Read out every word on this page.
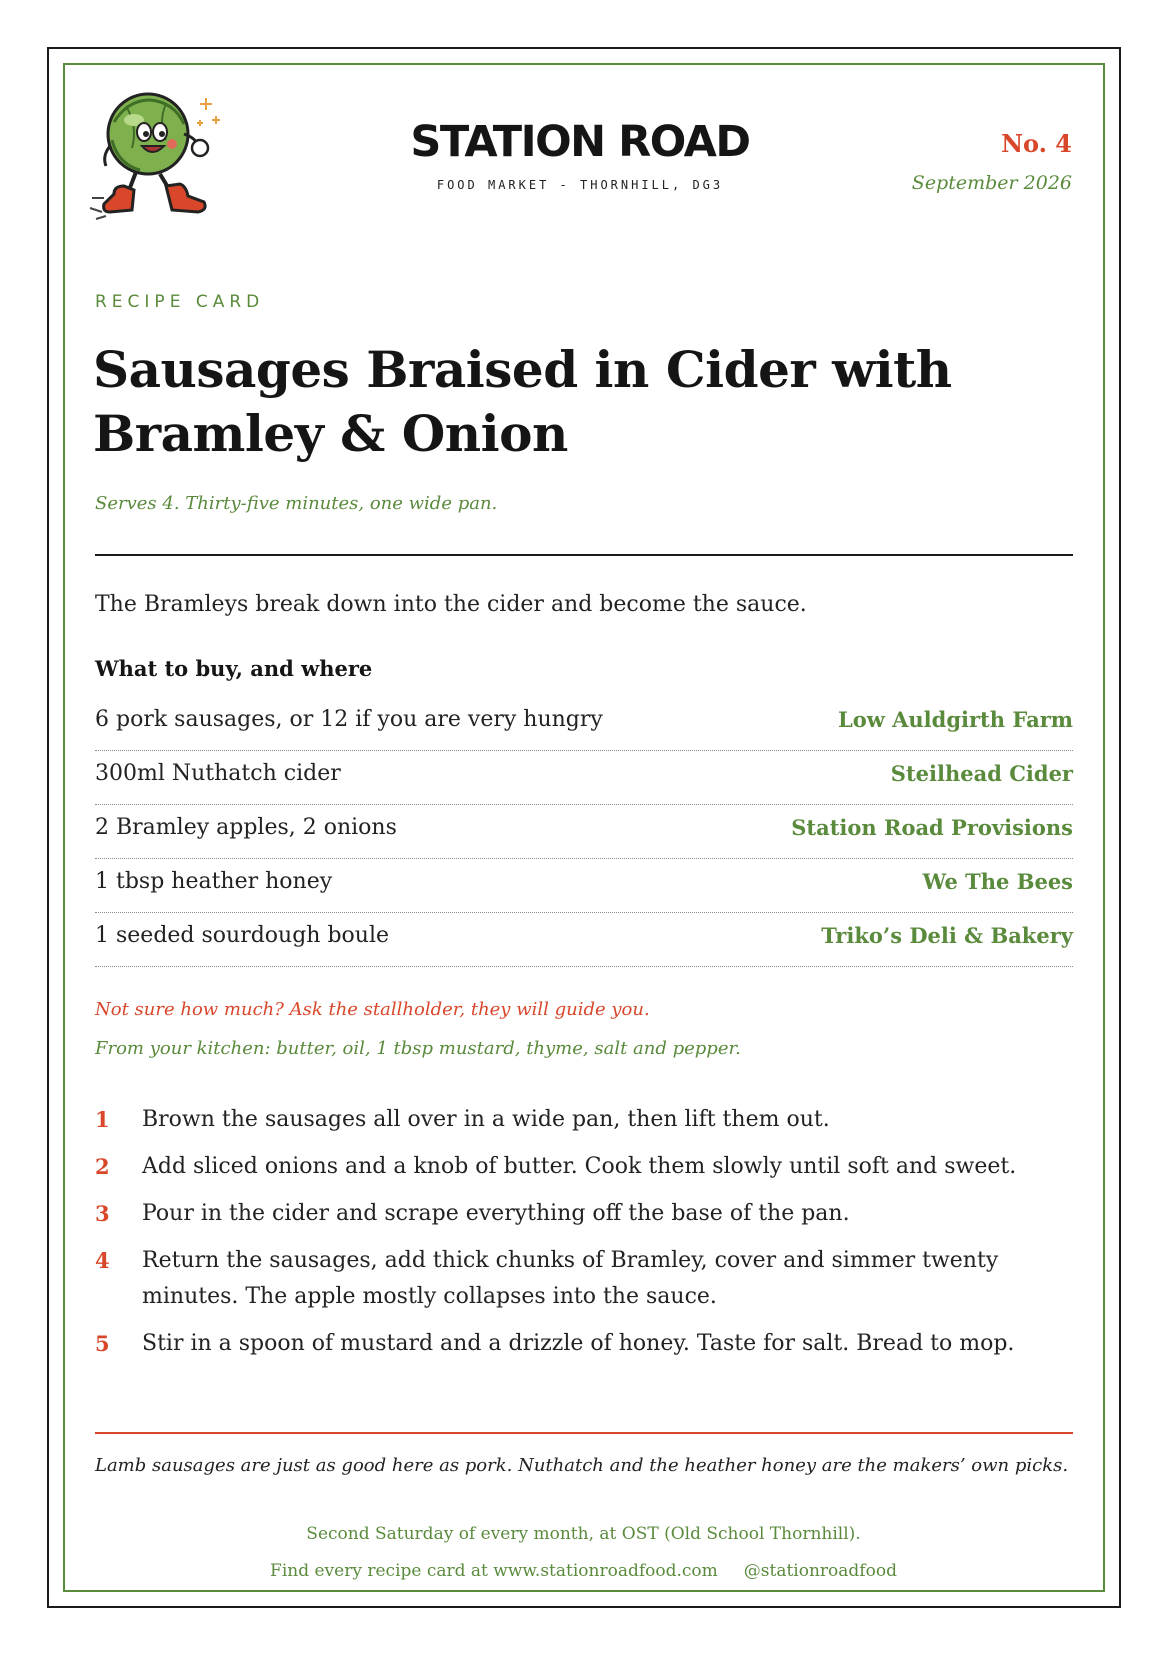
STATION ROAD
FOOD MARKET - THORNHILL, DG3
No. 4
September 2026
RECIPE CARD
Sausages Braised in Cider with Bramley & Onion
Serves 4. Thirty-five minutes, one wide pan.

The Bramleys break down into the cider and become the sauce.

What to buy, and where
6 pork sausages, or 12 if you are very hungry	Low Auldgirth Farm
300ml Nuthatch cider	Steilhead Cider
2 Bramley apples, 2 onions	Station Road Provisions
1 tbsp heather honey	We The Bees
1 seeded sourdough boule	Triko’s Deli & Bakery
Not sure how much? Ask the stallholder, they will guide you.
From your kitchen: butter, oil, 1 tbsp mustard, thyme, salt and pepper.
1 Brown the sausages all over in a wide pan, then lift them out.
2 Add sliced onions and a knob of butter. Cook them slowly until soft and sweet.
3 Pour in the cider and scrape everything off the base of the pan.
4 Return the sausages, add thick chunks of Bramley, cover and simmer twenty minutes. The apple mostly collapses into the sauce.
5 Stir in a spoon of mustard and a drizzle of honey. Taste for salt. Bread to mop.

Lamb sausages are just as good here as pork. Nuthatch and the heather honey are the makers’ own picks.

Second Saturday of every month, at OST (Old School Thornhill).
Find every recipe card at www.stationroadfood.com @stationroadfood
